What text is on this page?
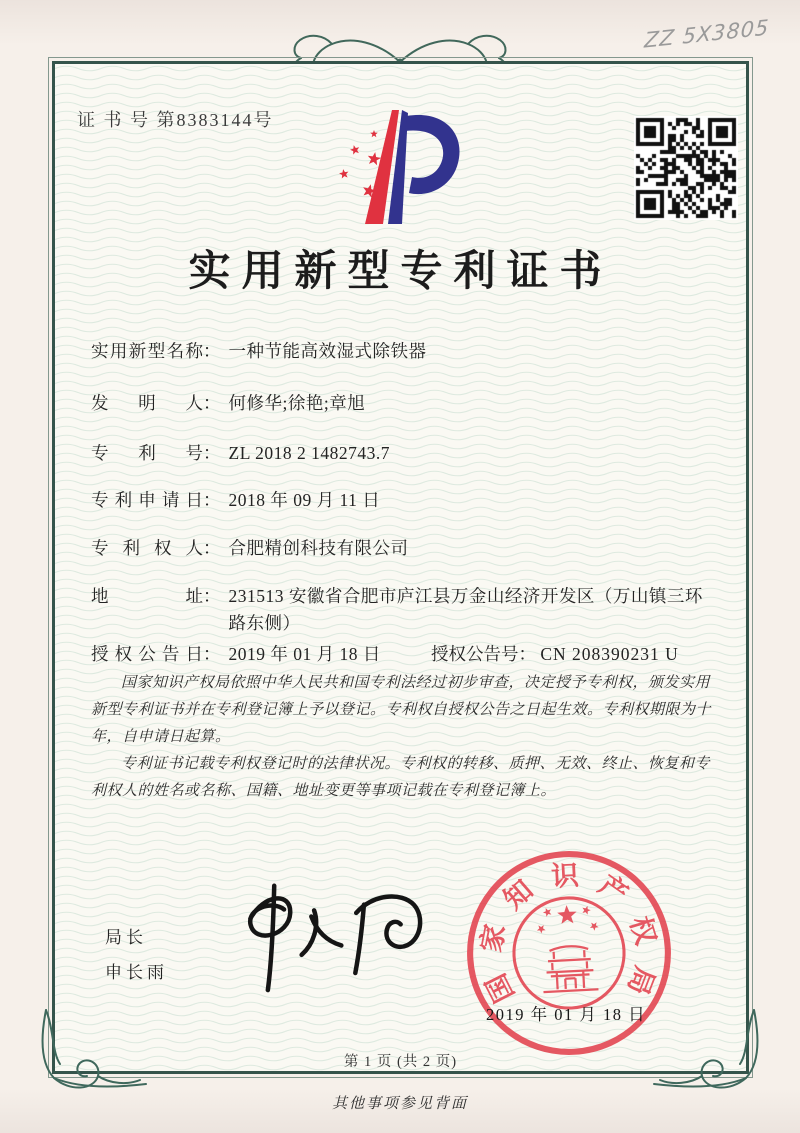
ZZ 5X3805
证 书 号 第8383144号
实用新型专利证书
实用新型名称： 一种节能高效湿式除铁器
发明人： 何修华;徐艳;章旭
专利号： ZL 2018 2 1482743.7
专利申请日： 2018 年 09 月 11 日
专利权人： 合肥精创科技有限公司
地址： 231513 安徽省合肥市庐江县万金山经济开发区（万山镇三环路东侧）
授权公告日： 2019 年 01 月 18 日	授权公告号： CN 208390231 U

国家知识产权局依照中华人民共和国专利法经过初步审查，决定授予专利权，颁发实用新型专利证书并在专利登记簿上予以登记。专利权自授权公告之日起生效。专利权期限为十年，自申请日起算。

专利证书记载专利权登记时的法律状况。专利权的转移、质押、无效、终止、恢复和专利权人的姓名或名称、国籍、地址变更等事项记载在专利登记簿上。

局长
申长雨	国
家
知 识 产
权
局
2019 年 01 月 18 日
第 1 页 (共 2 页)
其他事项参见背面
